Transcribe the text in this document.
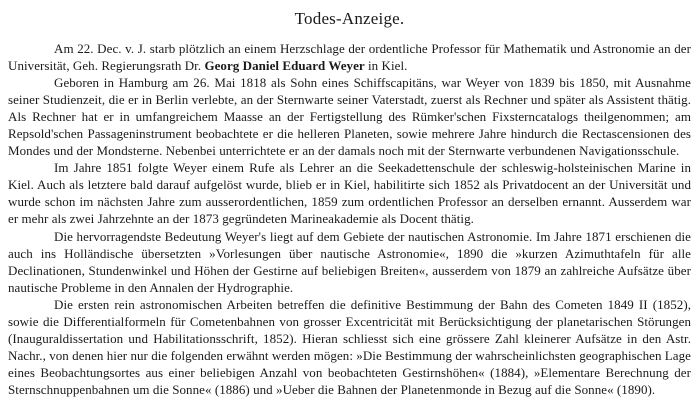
Todes-Anzeige.

Am 22. Dec. v. J. starb plötzlich an einem Herzschlage der ordentliche Professor für Mathematik und Astronomie an der Universität, Geh. Regierungsrath Dr. Georg Daniel Eduard Weyer in Kiel.

Geboren in Hamburg am 26. Mai 1818 als Sohn eines Schiffscapitäns, war Weyer von 1839 bis 1850, mit Ausnahme seiner Studienzeit, die er in Berlin verlebte, an der Sternwarte seiner Vaterstadt, zuerst als Rechner und später als Assistent thätig. Als Rechner hat er in umfangreichem Maasse an der Fertigstellung des Rümker'schen Fixsterncatalogs theilgenommen; am Repsold'schen Passageninstrument beobachtete er die helleren Planeten, sowie mehrere Jahre hindurch die Rectascensionen des Mondes und der Mondsterne. Nebenbei unterrichtete er an der damals noch mit der Sternwarte verbundenen Navigationsschule.

Im Jahre 1851 folgte Weyer einem Rufe als Lehrer an die Seekadettenschule der schleswig-holsteinischen Marine in Kiel. Auch als letztere bald darauf aufgelöst wurde, blieb er in Kiel, habilitirte sich 1852 als Privatdocent an der Universität und wurde schon im nächsten Jahre zum ausserordentlichen, 1859 zum ordentlichen Professor an derselben ernannt. Ausserdem war er mehr als zwei Jahrzehnte an der 1873 gegründeten Marineakademie als Docent thätig.

Die hervorragendste Bedeutung Weyer's liegt auf dem Gebiete der nautischen Astronomie. Im Jahre 1871 erschienen die auch ins Holländische übersetzten »Vorlesungen über nautische Astronomie«, 1890 die »kurzen Azimuthtafeln für alle Declinationen, Stundenwinkel und Höhen der Gestirne auf beliebigen Breiten«, ausserdem von 1879 an zahlreiche Aufsätze über nautische Probleme in den Annalen der Hydrographie.

Die ersten rein astronomischen Arbeiten betreffen die definitive Bestimmung der Bahn des Cometen 1849 II (1852), sowie die Differentialformeln für Cometenbahnen von grosser Excentricität mit Berücksichtigung der planetarischen Störungen (Inauguraldissertation und Habilitationsschrift, 1852). Hieran schliesst sich eine grössere Zahl kleinerer Aufsätze in den Astr. Nachr., von denen hier nur die folgenden erwähnt werden mögen: »Die Bestimmung der wahrscheinlichsten geographischen Lage eines Beobachtungsortes aus einer beliebigen Anzahl von beobachteten Gestirnshöhen« (1884), »Elementare Berechnung der Sternschnuppenbahnen um die Sonne« (1886) und »Ueber die Bahnen der Planetenmonde in Bezug auf die Sonne« (1890).
